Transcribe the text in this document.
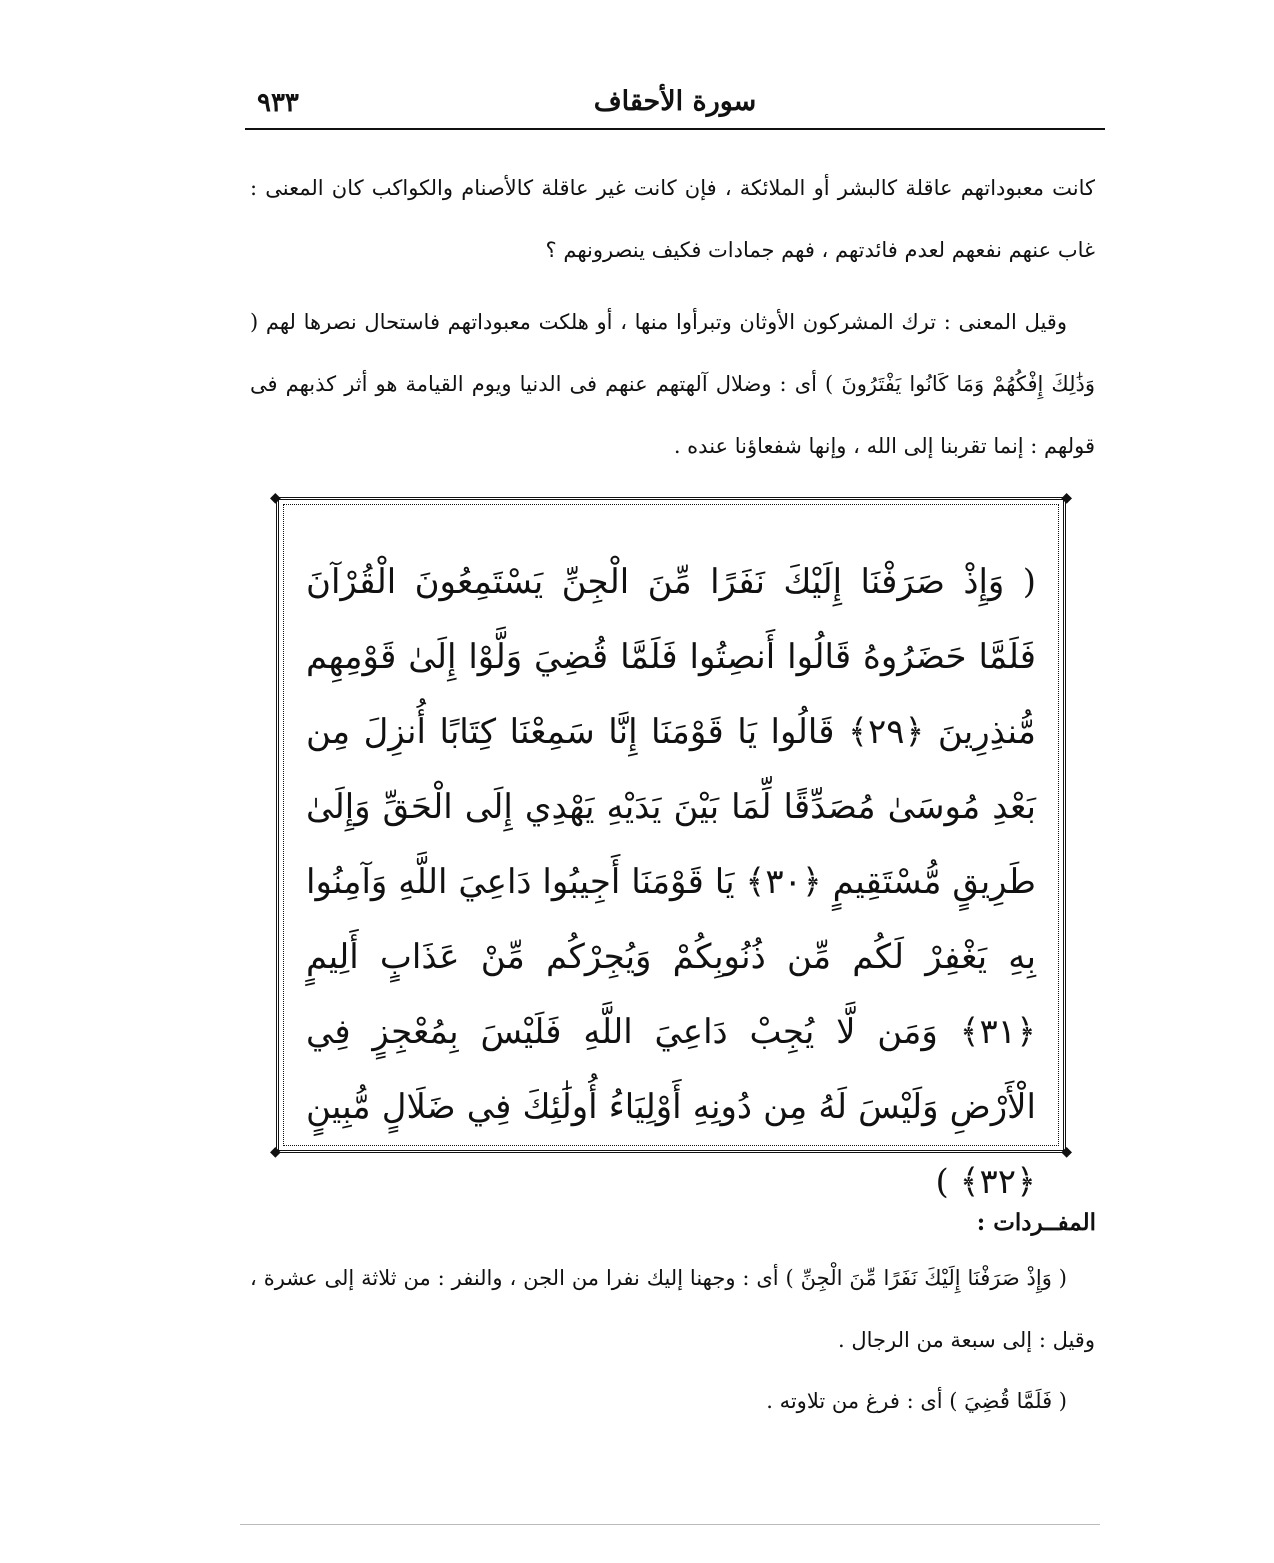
سورة الأحقاف
٩٣٣

كانت معبوداتهم عاقلة كالبشر أو الملائكة ، فإن كانت غير عاقلة كالأصنام والكواكب كان المعنى : غاب عنهم نفعهم لعدم فائدتهم ، فهم جمادات فكيف ينصرونهم ؟

وقيل المعنى : ترك المشركون الأوثان وتبرأوا منها ، أو هلكت معبوداتهم فاستحال نصرها لهم ( وَذَٰلِكَ إِفْكُهُمْ وَمَا كَانُوا يَفْتَرُونَ ) أى : وضلال آلهتهم عنهم فى الدنيا ويوم القيامة هو أثر كذبهم فى قولهم : إنما تقربنا إلى الله ، وإنها شفعاؤنا عنده .

◆	◆
◆	◆

( وَإِذْ صَرَفْنَا إِلَيْكَ نَفَرًا مِّنَ الْجِنِّ يَسْتَمِعُونَ الْقُرْآنَ فَلَمَّا حَضَرُوهُ قَالُوا أَنصِتُوا فَلَمَّا قُضِيَ وَلَّوْا إِلَىٰ قَوْمِهِم مُّنذِرِينَ ﴿٢٩﴾ قَالُوا يَا قَوْمَنَا إِنَّا سَمِعْنَا كِتَابًا أُنزِلَ مِن بَعْدِ مُوسَىٰ مُصَدِّقًا لِّمَا بَيْنَ يَدَيْهِ يَهْدِي إِلَى الْحَقِّ وَإِلَىٰ طَرِيقٍ مُّسْتَقِيمٍ ﴿٣٠﴾ يَا قَوْمَنَا أَجِيبُوا دَاعِيَ اللَّهِ وَآمِنُوا بِهِ يَغْفِرْ لَكُم مِّن ذُنُوبِكُمْ وَيُجِرْكُم مِّنْ عَذَابٍ أَلِيمٍ ﴿٣١﴾ وَمَن لَّا يُجِبْ دَاعِيَ اللَّهِ فَلَيْسَ بِمُعْجِزٍ فِي الْأَرْضِ وَلَيْسَ لَهُ مِن دُونِهِ أَوْلِيَاءُ أُولَٰئِكَ فِي ضَلَالٍ مُّبِينٍ ﴿٣٢﴾ )

المفــردات :

( وَإِذْ صَرَفْنَا إِلَيْكَ نَفَرًا مِّنَ الْجِنِّ ) أى : وجهنا إليك نفرا من الجن ، والنفر : من ثلاثة إلى عشرة ، وقيل : إلى سبعة من الرجال .

( فَلَمَّا قُضِيَ ) أى : فرغ من تلاوته .
